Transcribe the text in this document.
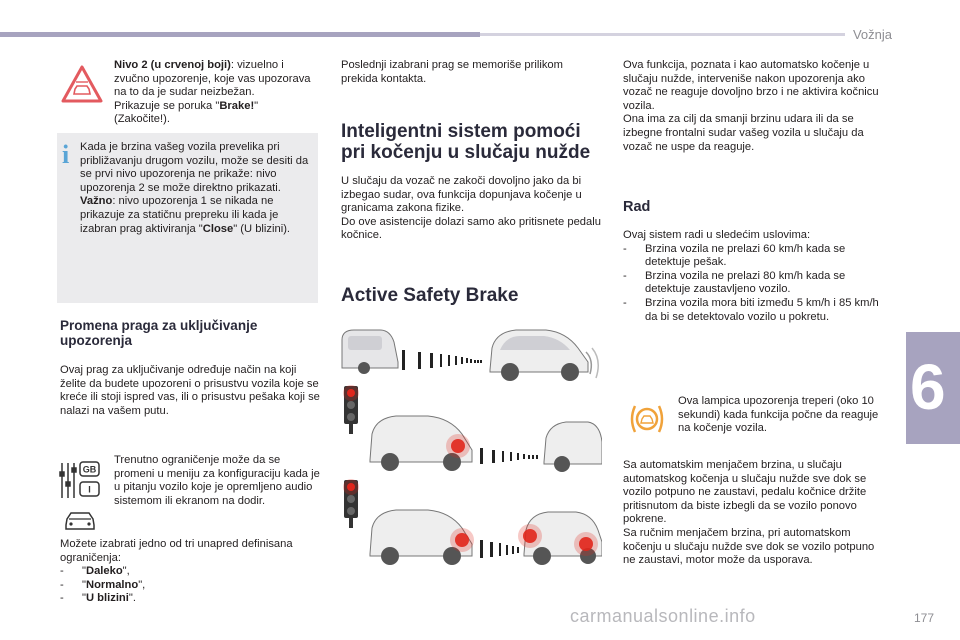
Vožnja
Nivo 2 (u crvenoj boji): vizuelno i zvučno upozorenje, koje vas upozorava na to da je sudar neizbežan.
Prikazuje se poruka "Brake!" (Zakočite!).
i Kada je brzina vašeg vozila prevelika pri približavanju drugom vozilu, može se desiti da se prvi nivo upozorenja ne prikaže: nivo upozorenja 2 se može direktno prikazati.
Važno: nivo upozorenja 1 se nikada ne prikazuje za statičnu prepreku ili kada je izabran prag aktiviranja "Close" (U blizini).
Promena praga za uključivanje upozorenja
Ovaj prag za uključivanje određuje način na koji želite da budete upozoreni o prisustvu vozila koje se kreće ili stoji ispred vas, ili o prisustvu pešaka koji se nalazi na vašem putu.
GB
I
Trenutno ograničenje može da se promeni u meniju za konfiguraciju kada je u pitanju vozilo koje je opremljeno audio sistemom ili ekranom na dodir.
Možete izabrati jedno od tri unapred definisana ograničenja:
- "Daleko",
- "Normalno",
- "U blizini".
Poslednji izabrani prag se memoriše prilikom prekida kontakta.
Inteligentni sistem pomoći pri kočenju u slučaju nužde
U slučaju da vozač ne zakoči dovoljno jako da bi izbegao sudar, ova funkcija dopunjava kočenje u granicama zakona fizike.
Do ove asistencije dolazi samo ako pritisnete pedalu kočnice.
Active Safety Brake
Ova funkcija, poznata i kao automatsko kočenje u slučaju nužde, interveniše nakon upozorenja ako vozač ne reaguje dovoljno brzo i ne aktivira kočnicu vozila.
Ona ima za cilj da smanji brzinu udara ili da se izbegne frontalni sudar vašeg vozila u slučaju da vozač ne uspe da reaguje.
Rad
Ovaj sistem radi u sledećim uslovima:
- Brzina vozila ne prelazi 60 km/h kada se detektuje pešak.
- Brzina vozila ne prelazi 80 km/h kada se detektuje zaustavljeno vozilo.
- Brzina vozila mora biti između 5 km/h i 85 km/h da bi se detektovalo vozilo u pokretu.
Ova lampica upozorenja treperi (oko 10 sekundi) kada funkcija počne da reaguje na kočenje vozila.
Sa automatskim menjačem brzina, u slučaju automatskog kočenja u slučaju nužde sve dok se vozilo potpuno ne zaustavi, pedalu kočnice držite pritisnutom da biste izbegli da se vozilo ponovo pokrene.
Sa ručnim menjačem brzina, pri automatskom kočenju u slučaju nužde sve dok se vozilo potpuno ne zaustavi, motor može da usporava.
6
carmanualsonline.info	177
